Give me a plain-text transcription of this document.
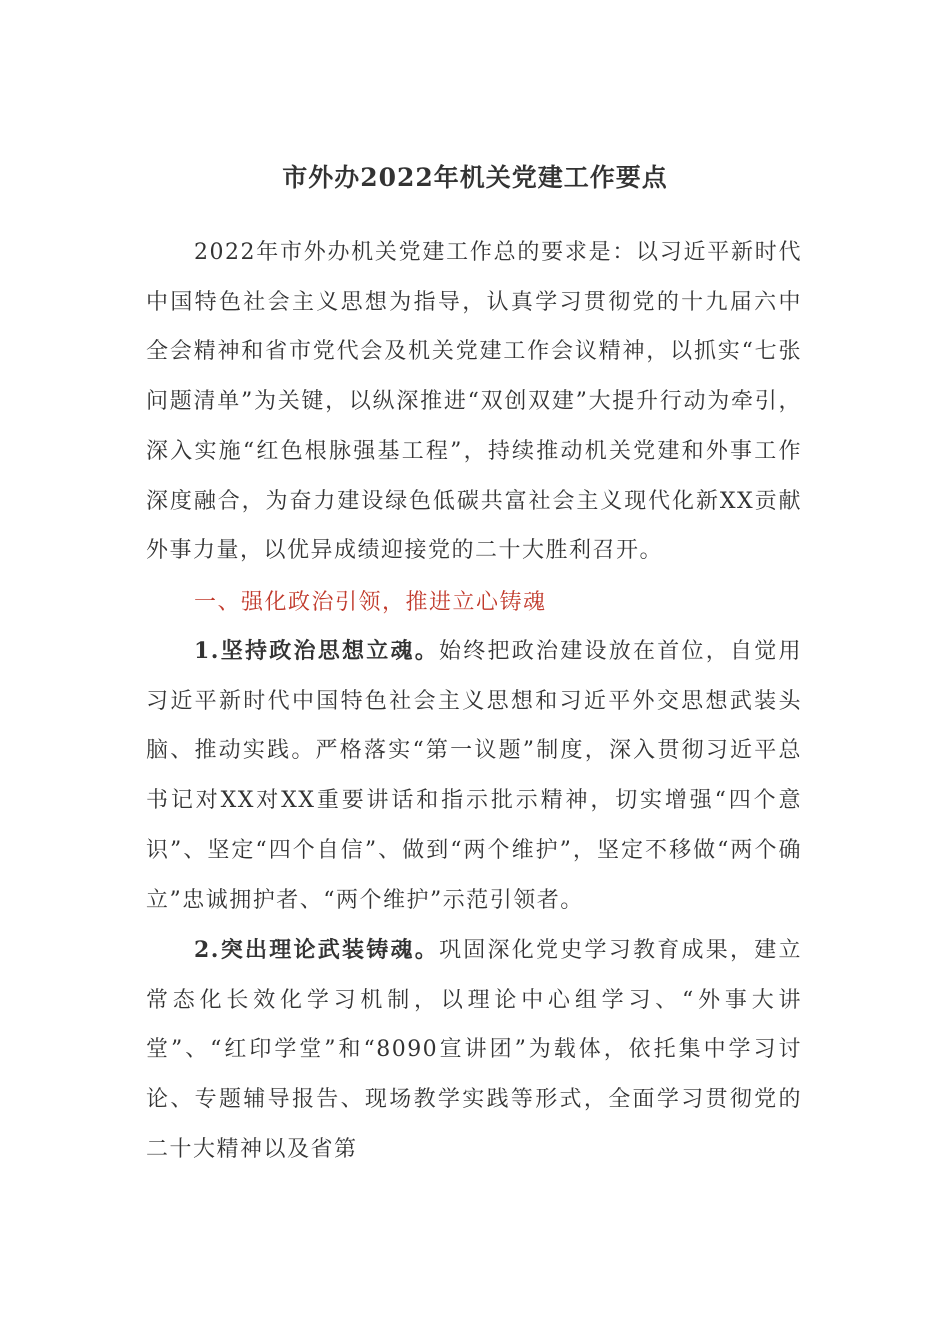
市外办2022年机关党建工作要点

2022年市外办机关党建工作总的要求是：以习近平新时代中国特色社会主义思想为指导，认真学习贯彻党的十九届六中全会精神和省市党代会及机关党建工作会议精神，以抓实“七张问题清单”为关键，以纵深推进“双创双建”大提升行动为牵引，深入实施“红色根脉强基工程”，持续推动机关党建和外事工作深度融合，为奋力建设绿色低碳共富社会主义现代化新XX贡献外事力量，以优异成绩迎接党的二十大胜利召开。

一、强化政治引领，推进立心铸魂

1.坚持政治思想立魂。始终把政治建设放在首位，自觉用习近平新时代中国特色社会主义思想和习近平外交思想武装头脑、推动实践。严格落实“第一议题”制度，深入贯彻习近平总书记对XX对XX重要讲话和指示批示精神，切实增强“四个意识”、坚定“四个自信”、做到“两个维护”，坚定不移做“两个确立”忠诚拥护者、“两个维护”示范引领者。

2.突出理论武装铸魂。巩固深化党史学习教育成果，建立常态化长效化学习机制，以理论中心组学习、“外事大讲堂”、“红印学堂”和“8090宣讲团”为载体，依托集中学习讨论、专题辅导报告、现场教学实践等形式，全面学习贯彻党的二十大精神以及省第
